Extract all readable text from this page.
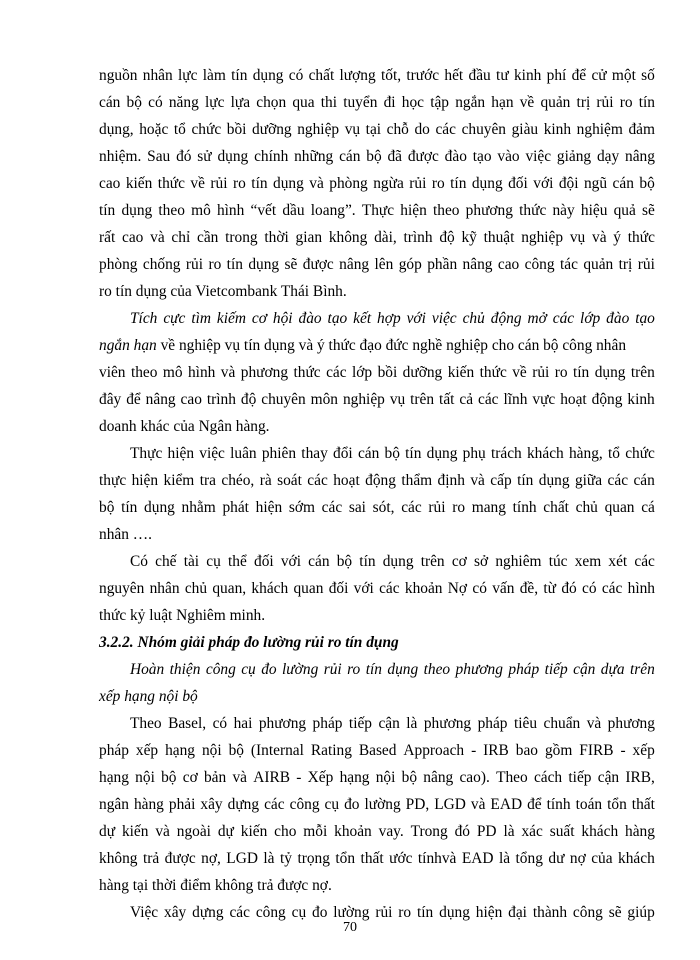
nguồn nhân lực làm tín dụng có chất lượng tốt, trước hết đầu tư kinh phí để cử một số
cán bộ có năng lực lựa chọn qua thi tuyển đi học tập ngắn hạn về quản trị rủi ro tín
dụng, hoặc tổ chức bồi dưỡng nghiệp vụ tại chỗ do các chuyên giàu kinh nghiệm đảm
nhiệm. Sau đó sử dụng chính những cán bộ đã được đào tạo vào việc giảng dạy nâng
cao kiến thức về rủi ro tín dụng và phòng ngừa rủi ro tín dụng đối với đội ngũ cán bộ
tín dụng theo mô hình “vết dầu loang”. Thực hiện theo phương thức này hiệu quả sẽ
rất cao và chỉ cần trong thời gian không dài, trình độ kỹ thuật nghiệp vụ và ý thức
phòng chống rủi ro tín dụng sẽ được nâng lên góp phần nâng cao công tác quản trị rủi
ro tín dụng của Vietcombank Thái Bình.
Tích cực tìm kiếm cơ hội đào tạo kết hợp với việc chủ động mở các lớp đào tạo
ngắn hạn về nghiệp vụ tín dụng và ý thức đạo đức nghề nghiệp cho cán bộ công nhân
viên theo mô hình và phương thức các lớp bồi dưỡng kiến thức về rủi ro tín dụng trên
đây để nâng cao trình độ chuyên môn nghiệp vụ trên tất cả các lĩnh vực hoạt động kinh
doanh khác của Ngân hàng.
Thực hiện việc luân phiên thay đổi cán bộ tín dụng phụ trách khách hàng, tổ chức
thực hiện kiểm tra chéo, rà soát các hoạt động thẩm định và cấp tín dụng giữa các cán
bộ tín dụng nhằm phát hiện sớm các sai sót, các rủi ro mang tính chất chủ quan cá
nhân ….
Có chế tài cụ thể đối với cán bộ tín dụng trên cơ sở nghiêm túc xem xét các
nguyên nhân chủ quan, khách quan đối với các khoản Nợ có vấn đề, từ đó có các hình
thức kỷ luật Nghiêm minh.
3.2.2. Nhóm giải pháp đo lường rủi ro tín dụng
Hoàn thiện công cụ đo lường rủi ro tín dụng theo phương pháp tiếp cận dựa trên
xếp hạng nội bộ
Theo Basel, có hai phương pháp tiếp cận là phương pháp tiêu chuẩn và phương
pháp xếp hạng nội bộ (Internal Rating Based Approach - IRB bao gồm FIRB - xếp
hạng nội bộ cơ bản và AIRB - Xếp hạng nội bộ nâng cao). Theo cách tiếp cận IRB,
ngân hàng phải xây dựng các công cụ đo lường PD, LGD và EAD để tính toán tổn thất
dự kiến và ngoài dự kiến cho mỗi khoản vay. Trong đó PD là xác suất khách hàng
không trả được nợ, LGD là tỷ trọng tổn thất ước tínhvà EAD là tổng dư nợ của khách
hàng tại thời điểm không trả được nợ.
Việc xây dựng các công cụ đo lường rủi ro tín dụng hiện đại thành công sẽ giúp
70
